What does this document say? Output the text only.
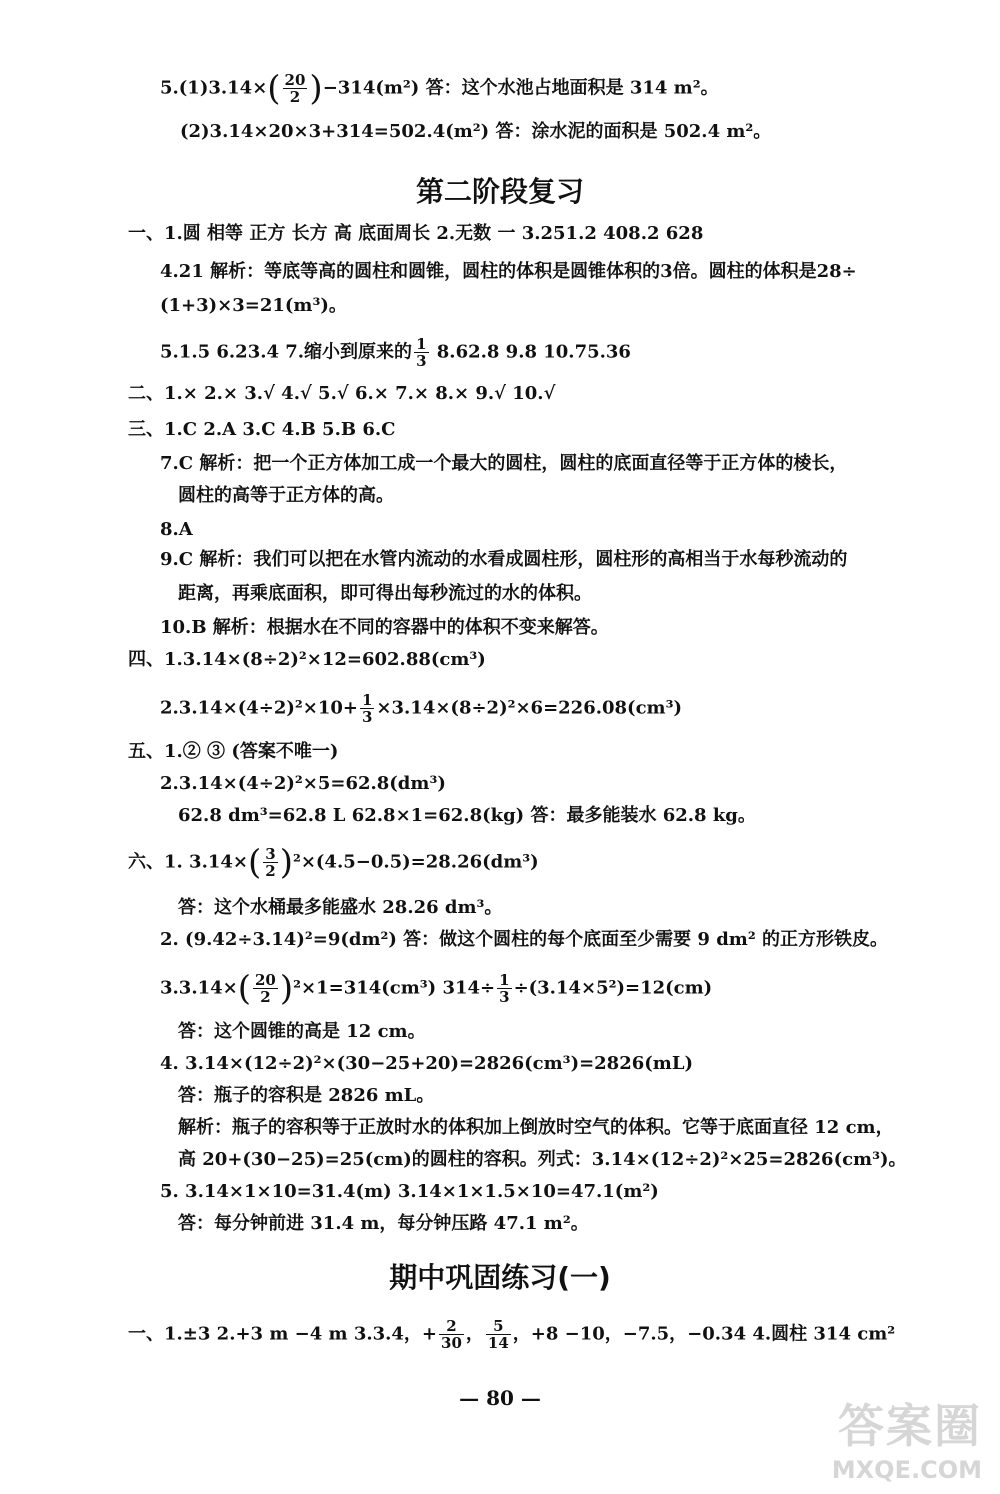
$5.(1)3.14\times( \frac{20}{2} )-314(m^2)$ 答：这个水池占地面积是 314 m²。
(2)3.14×20×3+314=502.4(m²) 答：涂水泥的面积是 502.4 m²。
第二阶段复习
一、1.圆 相等 正方 长方 高 底面周长 2.无数 一 3.251.2 408.2 628
4.21 解析：等底等高的圆柱和圆锥，圆柱的体积是圆锥体积的3倍。圆柱的体积是28÷
(1+3)×3=21(m³)。
5.1.5 6.23.4 7.缩小到原来的 $\frac{1}{3} 8.62.8$ 9.8 10.75.36
二、1.× 2.× 3.√ 4.√ 5.√ 6.× 7.× 8.× 9.√ 10.√
三、1.C 2.A 3.C 4.B 5.B 6.C
7.C 解析：把一个正方体加工成一个最大的圆柱，圆柱的底面直径等于正方体的棱长，
圆柱的高等于正方体的高。
8.A
9.C 解析：我们可以把在水管内流动的水看成圆柱形，圆柱形的高相当于水每秒流动的
距离，再乘底面积，即可得出每秒流过的水的体积。
10.B 解析：根据水在不同的容器中的体积不变来解答。
四、1.3.14×(8÷2)²×12=602.88(cm³)
$2.3.14\times(4\div 2)^2\times 10+ \frac{1}{3} \times 3.14\times(8\div 2)^2\times 6=226.08(cm^3)$
五、1.② ③ (答案不唯一)
2.3.14×(4÷2)²×5=62.8(dm³)
62.8 dm³=62.8 L 62.8×1=62.8(kg) 答：最多能装水 62.8 kg。
六、1. $3.14\times( \frac{3}{2} )^2\times(4.5-0.5)=28.26(dm^3)$
答：这个水桶最多能盛水 28.26 dm³。
2. (9.42÷3.14)²=9(dm²) 答：做这个圆柱的每个底面至少需要 9 dm² 的正方形铁皮。
$3.3.14\times( \frac{20}{2} )^2\times 1=314(cm^3)$ $314\div \frac{1}{3} \div(3.14\times 5^2)=12(cm)$
答：这个圆锥的高是 12 cm。
4. 3.14×(12÷2)²×(30−25+20)=2826(cm³)=2826(mL)
答：瓶子的容积是 2826 mL。
解析：瓶子的容积等于正放时水的体积加上倒放时空气的体积。它等于底面直径 12 cm，
高 20+(30−25)=25(cm)的圆柱的容积。列式：3.14×(12÷2)²×25=2826(cm³)。
5. 3.14×1×10=31.4(m) 3.14×1×1.5×10=47.1(m²)
答：每分钟前进 31.4 m，每分钟压路 47.1 m²。
期中巩固练习(一)
一、1.±3 2.+3 m −4 m 3.3.4，+ $\frac{2}{30}$ ， $\frac{5}{14}$ ，+8 −10，−7.5，−0.34 4.圆柱 314 cm²
— 80 —
答案圈
MXQE.COM
